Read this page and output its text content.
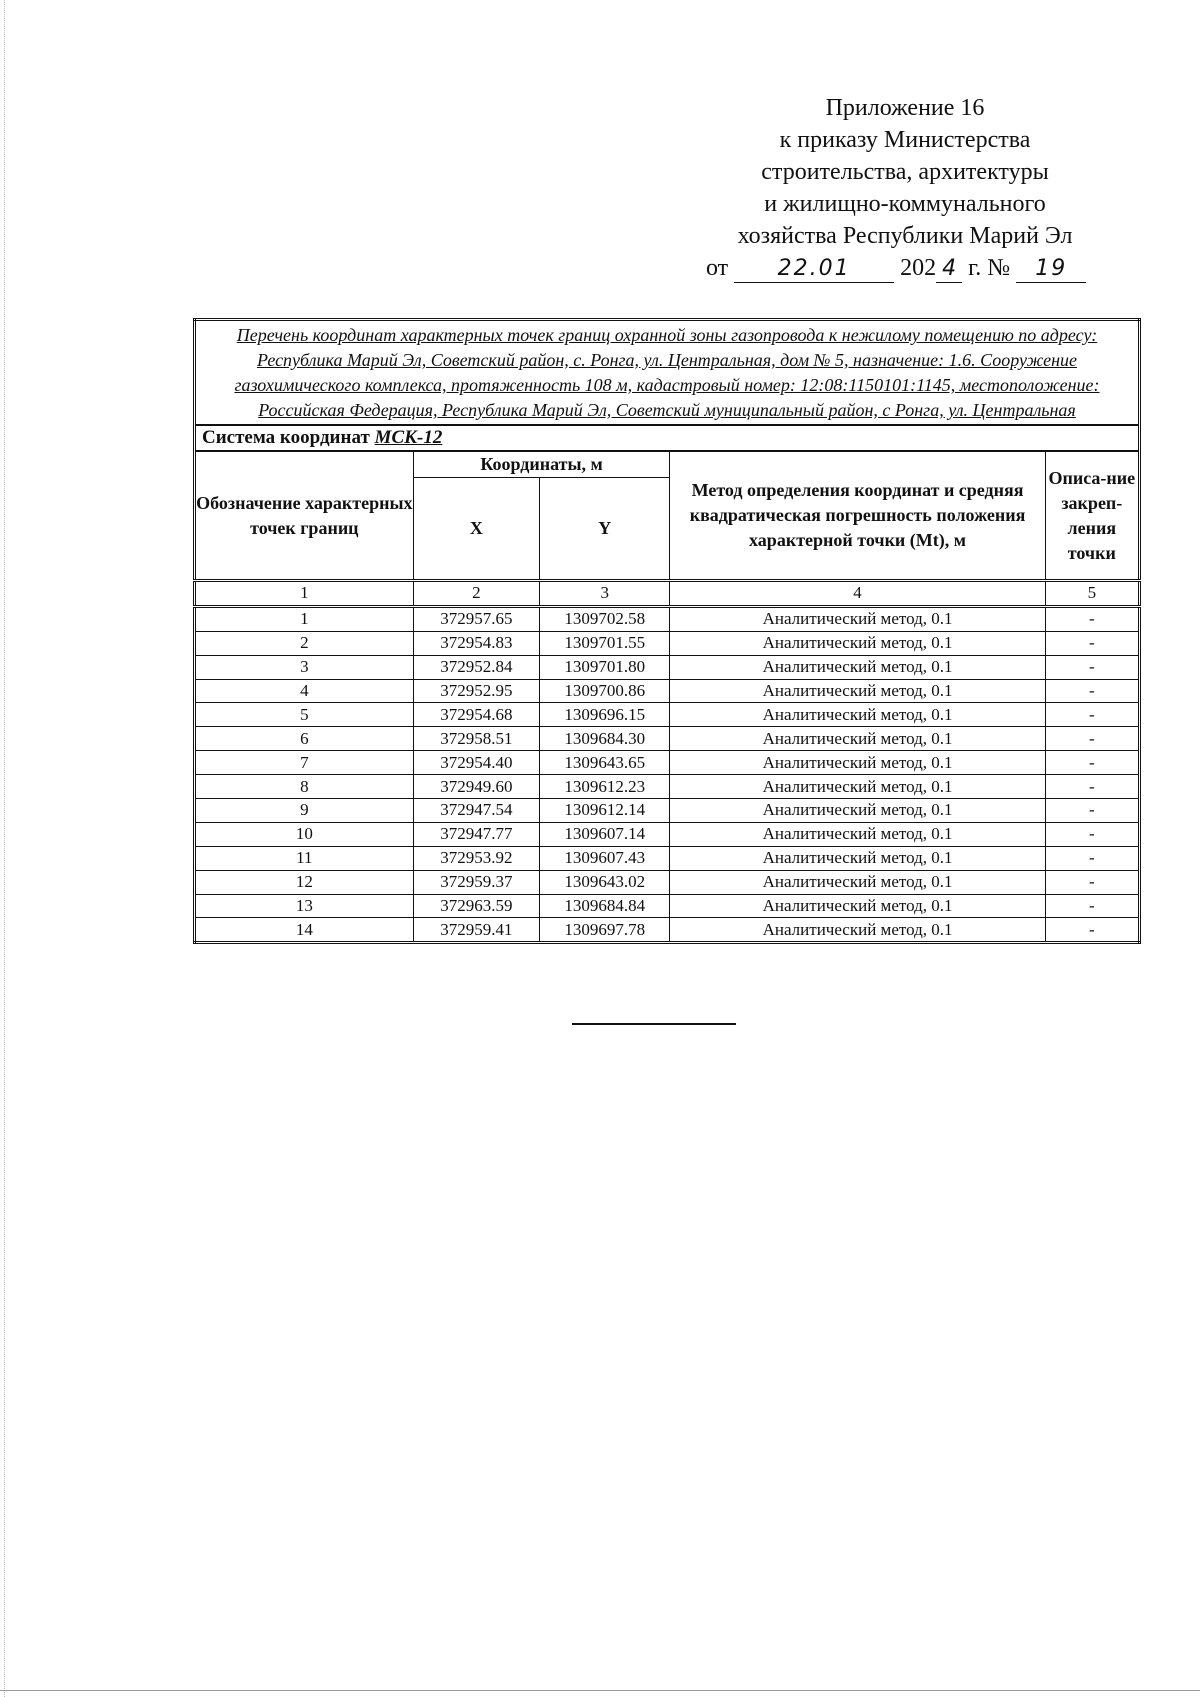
Приложение 16
к приказу Министерства
строительства, архитектуры
и жилищно-коммунального
хозяйства Республики Марий Эл
от 22.01 202 4 г. № 19
Перечень координат характерных точек границ охранной зоны газопровода к нежилому помещению по адресу: Республика Марий Эл, Советский район, с. Ронга, ул. Центральная, дом № 5, назначение: 1.6. Сооружение газохимического комплекса, протяженность 108 м, кадастровый номер: 12:08:1150101:1145, местоположение: Российская Федерация, Республика Марий Эл, Советский муниципальный район, с Ронга, ул. Центральная				
Система координат МСК-12				
Обозначение характерных точек границ	Координаты, м		Метод определения координат и средняя квадратическая погрешность положения характерной точки (Mt), м	Описа-ние закреп-ления точки
	X	Y		
1	2	3	4	5
1	372957.65	1309702.58	Аналитический метод, 0.1	-
2	372954.83	1309701.55	Аналитический метод, 0.1	-
3	372952.84	1309701.80	Аналитический метод, 0.1	-
4	372952.95	1309700.86	Аналитический метод, 0.1	-
5	372954.68	1309696.15	Аналитический метод, 0.1	-
6	372958.51	1309684.30	Аналитический метод, 0.1	-
7	372954.40	1309643.65	Аналитический метод, 0.1	-
8	372949.60	1309612.23	Аналитический метод, 0.1	-
9	372947.54	1309612.14	Аналитический метод, 0.1	-
10	372947.77	1309607.14	Аналитический метод, 0.1	-
11	372953.92	1309607.43	Аналитический метод, 0.1	-
12	372959.37	1309643.02	Аналитический метод, 0.1	-
13	372963.59	1309684.84	Аналитический метод, 0.1	-
14	372959.41	1309697.78	Аналитический метод, 0.1	-
